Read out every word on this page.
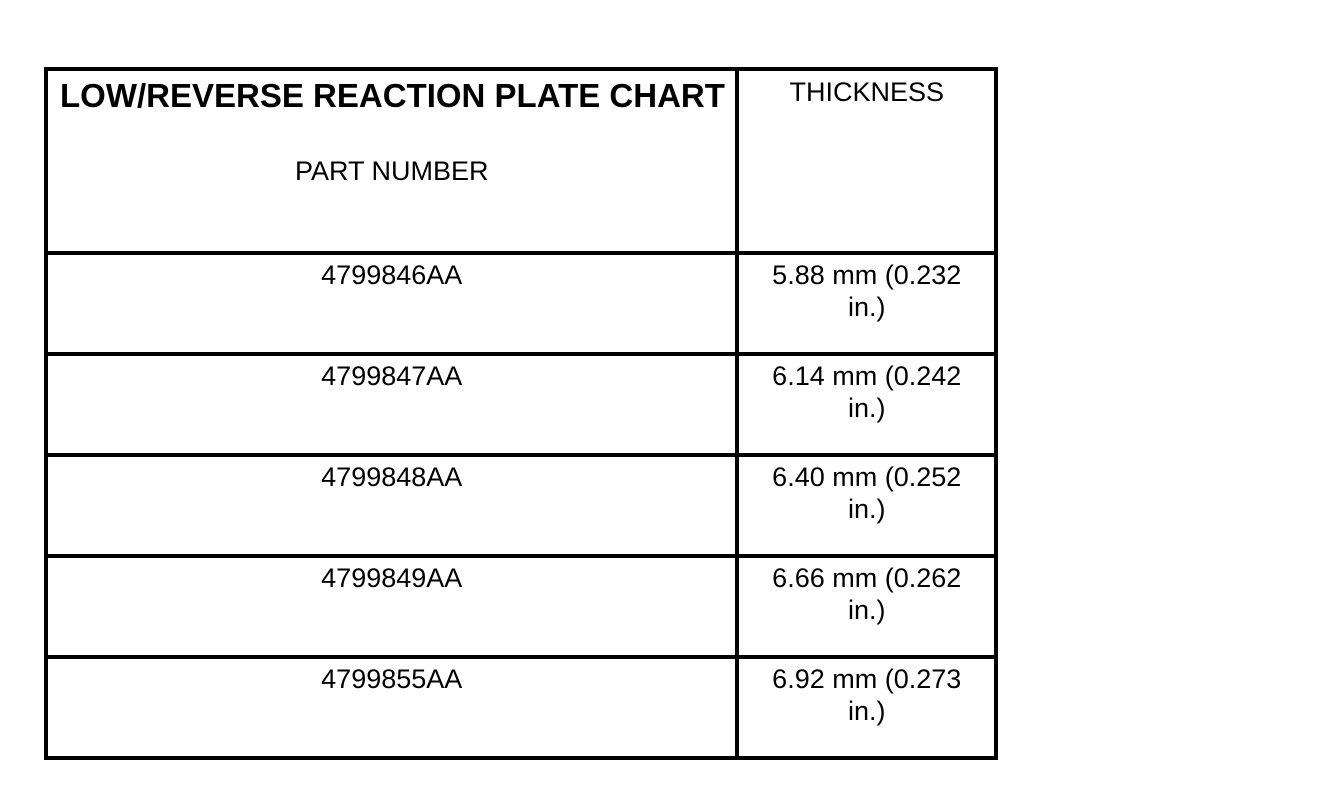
LOW/REVERSE REACTION PLATE CHART
PART NUMBER	THICKNESS

4799846AA	5.88 mm (0.232 in.)

4799847AA	6.14 mm (0.242 in.)

4799848AA	6.40 mm (0.252 in.)

4799849AA	6.66 mm (0.262 in.)

4799855AA	6.92 mm (0.273 in.)
